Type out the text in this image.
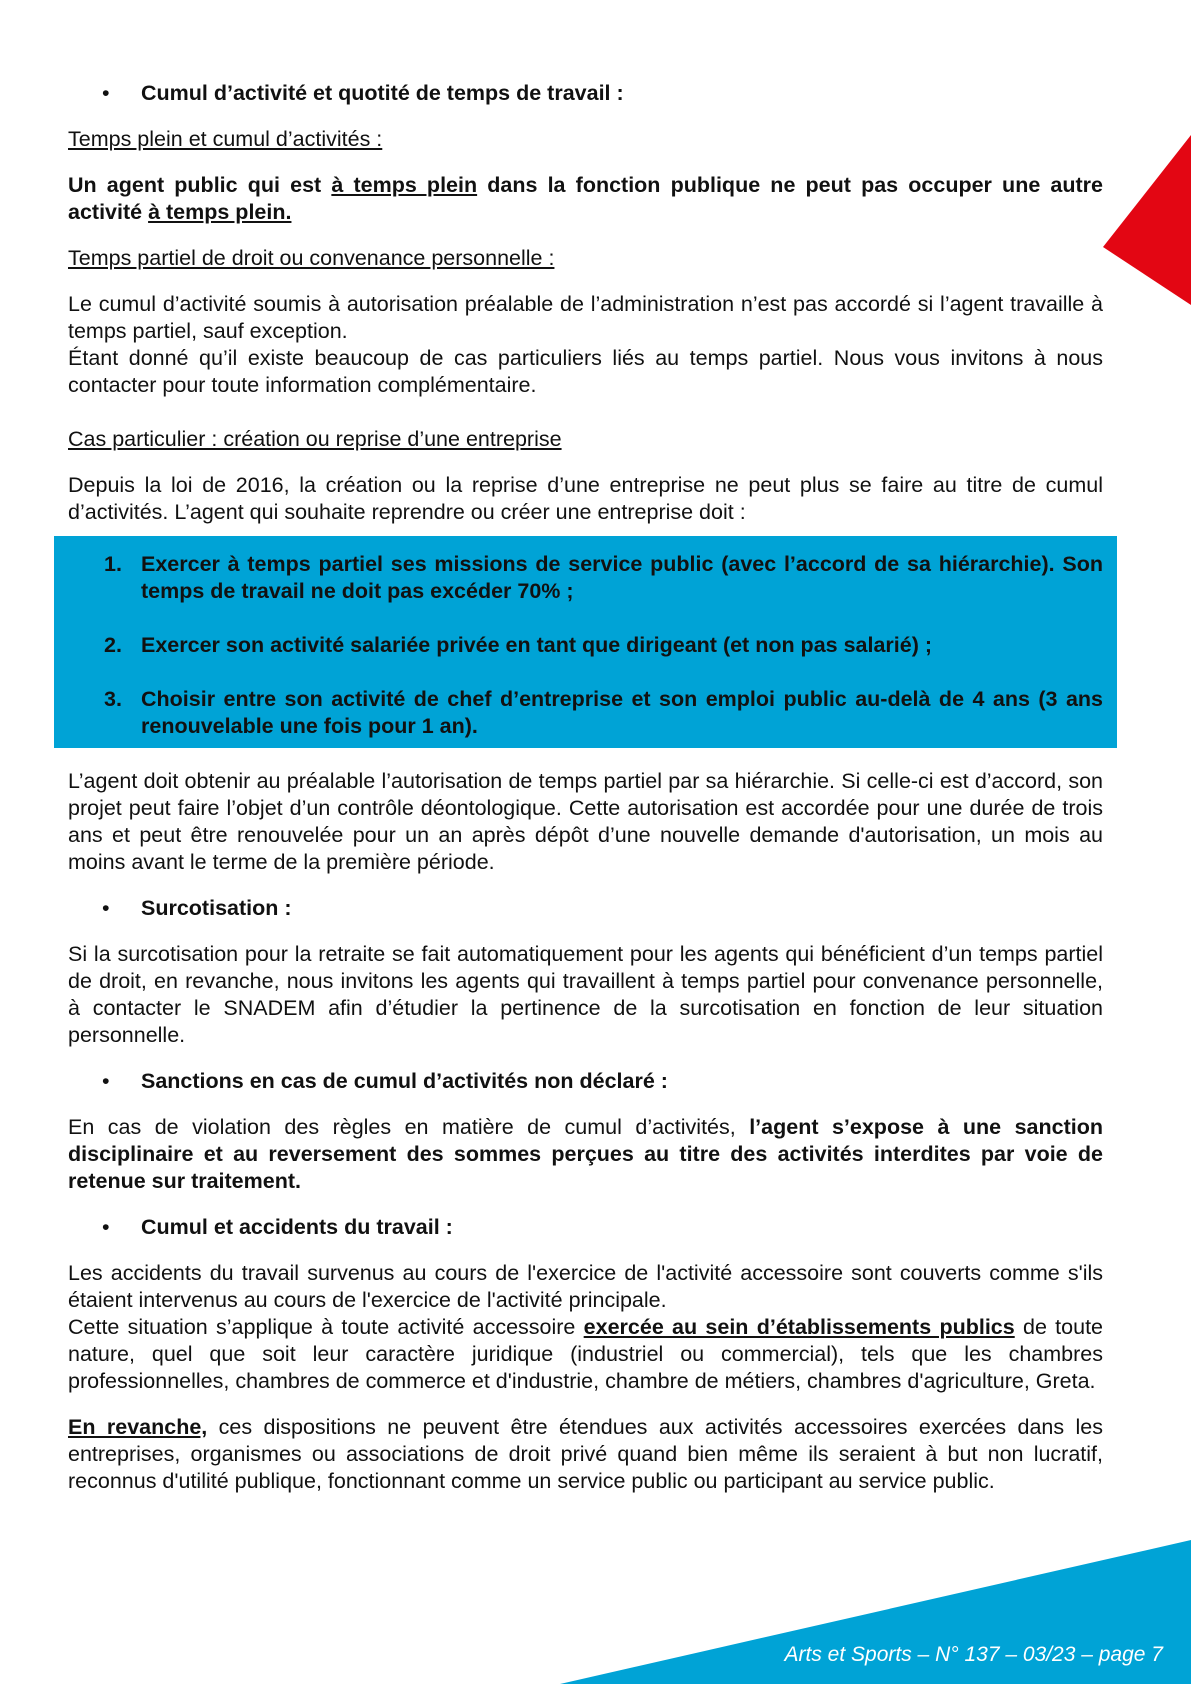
• Cumul d’activité et quotité de temps de travail :

Temps plein et cumul d’activités :

Un agent public qui est à temps plein dans la fonction publique ne peut pas occuper une autre activité à temps plein.

Temps partiel de droit ou convenance personnelle :

Le cumul d’activité soumis à autorisation préalable de l’administration n’est pas accordé si l’agent travaille à temps partiel, sauf exception.
Étant donné qu’il existe beaucoup de cas particuliers liés au temps partiel. Nous vous invitons à nous contacter pour toute information complémentaire.

Cas particulier : création ou reprise d’une entreprise

Depuis la loi de 2016, la création ou la reprise d’une entreprise ne peut plus se faire au titre de cumul d’activités. L’agent qui souhaite reprendre ou créer une entreprise doit :

1. Exercer à temps partiel ses missions de service public (avec l’accord de sa hiérarchie). Son temps de travail ne doit pas excéder 70% ;
2. Exercer son activité salariée privée en tant que dirigeant (et non pas salarié) ;
3. Choisir entre son activité de chef d’entreprise et son emploi public au-delà de 4 ans (3 ans renouvelable une fois pour 1 an).

L’agent doit obtenir au préalable l’autorisation de temps partiel par sa hiérarchie. Si celle-ci est d’accord, son projet peut faire l’objet d’un contrôle déontologique. Cette autorisation est accordée pour une durée de trois ans et peut être renouvelée pour un an après dépôt d’une nouvelle demande d'autorisation, un mois au moins avant le terme de la première période.

• Surcotisation :

Si la surcotisation pour la retraite se fait automatiquement pour les agents qui bénéficient d’un temps partiel de droit, en revanche, nous invitons les agents qui travaillent à temps partiel pour convenance personnelle, à contacter le SNADEM afin d’étudier la pertinence de la surcotisation en fonction de leur situation personnelle.

• Sanctions en cas de cumul d’activités non déclaré :

En cas de violation des règles en matière de cumul d’activités, l’agent s’expose à une sanction disciplinaire et au reversement des sommes perçues au titre des activités interdites par voie de retenue sur traitement.

• Cumul et accidents du travail :

Les accidents du travail survenus au cours de l'exercice de l'activité accessoire sont couverts comme s'ils étaient intervenus au cours de l'exercice de l'activité principale.
Cette situation s’applique à toute activité accessoire exercée au sein d’établissements publics de toute nature, quel que soit leur caractère juridique (industriel ou commercial), tels que les chambres professionnelles, chambres de commerce et d'industrie, chambre de métiers, chambres d'agriculture, Greta.

En revanche, ces dispositions ne peuvent être étendues aux activités accessoires exercées dans les entreprises, organismes ou associations de droit privé quand bien même ils seraient à but non lucratif, reconnus d'utilité publique, fonctionnant comme un service public ou participant au service public.

Arts et Sports – N° 137 – 03/23 – page 7
